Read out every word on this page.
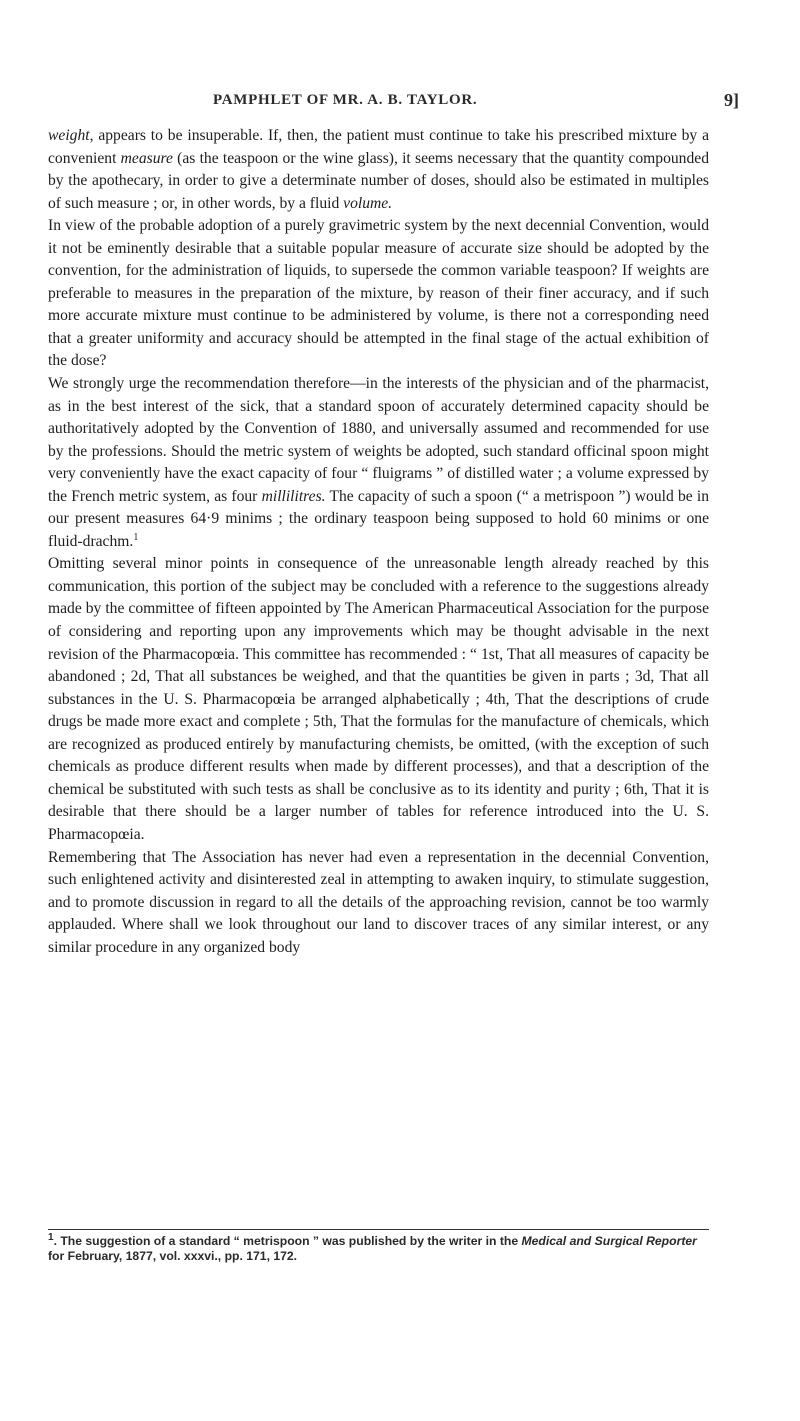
PAMPHLET OF MR. A. B. TAYLOR.	9]

weight, appears to be insuperable. If, then, the patient must continue to take his prescribed mixture by a convenient measure (as the teaspoon or the wine glass), it seems necessary that the quantity compounded by the apothecary, in order to give a determinate number of doses, should also be estimated in multiples of such measure ; or, in other words, by a fluid volume.

In view of the probable adoption of a purely gravimetric system by the next decennial Convention, would it not be eminently desirable that a suitable popular measure of accurate size should be adopted by the convention, for the administration of liquids, to supersede the common variable teaspoon? If weights are preferable to measures in the preparation of the mixture, by reason of their finer accuracy, and if such more accurate mixture must continue to be administered by volume, is there not a corresponding need that a greater uniformity and accuracy should be attempted in the final stage of the actual exhibition of the dose?

We strongly urge the recommendation therefore—in the interests of the physician and of the pharmacist, as in the best interest of the sick, that a standard spoon of accurately determined capacity should be authoritatively adopted by the Convention of 1880, and universally assumed and recommended for use by the professions. Should the metric system of weights be adopted, such standard officinal spoon might very conveniently have the exact capacity of four “ fluigrams ” of distilled water ; a volume expressed by the French metric system, as four millilitres. The capacity of such a spoon (“ a metrispoon ”) would be in our present measures 64·9 minims ; the ordinary teaspoon being supposed to hold 60 minims or one fluid-drachm.$^1$

Omitting several minor points in consequence of the unreasonable length already reached by this communication, this portion of the subject may be concluded with a reference to the suggestions already made by the committee of fifteen appointed by The American Pharmaceutical Association for the purpose of considering and reporting upon any improvements which may be thought advisable in the next revision of the Pharmacopœia. This committee has recommended : “ 1st, That all measures of capacity be abandoned ; 2d, That all substances be weighed, and that the quantities be given in parts ; 3d, That all substances in the U. S. Pharmacopœia be arranged alphabetically ; 4th, That the descriptions of crude drugs be made more exact and complete ; 5th, That the formulas for the manufacture of chemicals, which are recognized as produced entirely by manufacturing chemists, be omitted, (with the exception of such chemicals as produce different results when made by different processes), and that a description of the chemical be substituted with such tests as shall be conclusive as to its identity and purity ; 6th, That it is desirable that there should be a larger number of tables for reference introduced into the U. S. Pharmacopœia.

Remembering that The Association has never had even a representation in the decennial Convention, such enlightened activity and disinterested zeal in attempting to awaken inquiry, to stimulate suggestion, and to promote discussion in regard to all the details of the approaching revision, cannot be too warmly applauded. Where shall we look throughout our land to discover traces of any similar interest, or any similar procedure in any organized body

$^1$. The suggestion of a standard “ metrispoon ” was published by the writer in the Medical and Surgical Reporter for February, 1877, vol. xxxvi., pp. 171, 172.
